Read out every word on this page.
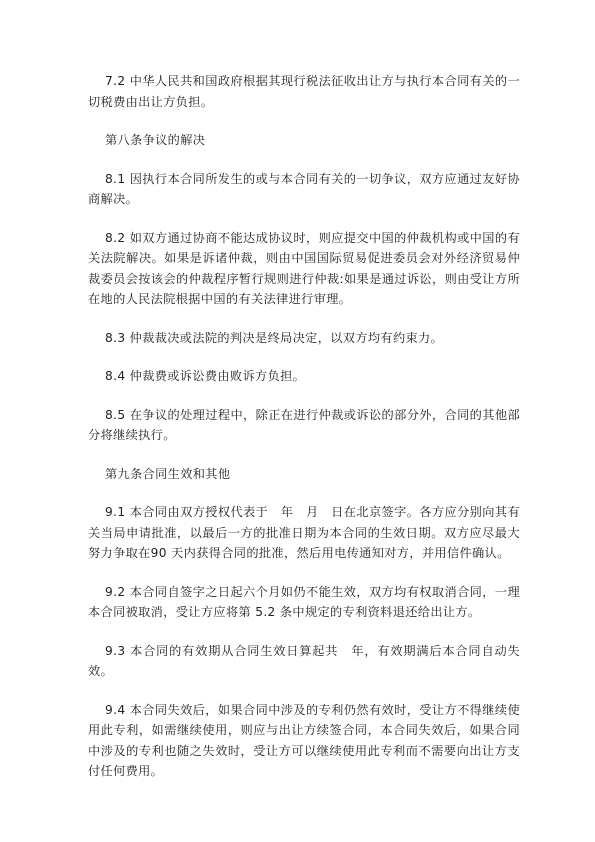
7.2 中华人民共和国政府根据其现行税法征收出让方与执行本合同有关的一切税费由出让方负担。

第八条争议的解决

8.1 因执行本合同所发生的或与本合同有关的一切争议，双方应通过友好协商解决。

8.2 如双方通过协商不能达成协议时，则应提交中国的仲裁机构或中国的有关法院解决。如果是诉诸仲裁，则由中国国际贸易促进委员会对外经济贸易仲裁委员会按该会的仲裁程序暂行规则进行仲裁:如果是通过诉讼，则由受让方所在地的人民法院根据中国的有关法律进行审理。

8.3 仲裁裁决或法院的判决是终局决定，以双方均有约束力。

8.4 仲裁费或诉讼费由败诉方负担。

8.5 在争议的处理过程中，除正在进行仲裁或诉讼的部分外，合同的其他部分将继续执行。

第九条合同生效和其他

9.1 本合同由双方授权代表于　年　月　日在北京签字。各方应分别向其有关当局申请批准，以最后一方的批准日期为本合同的生效日期。双方应尽最大努力争取在90 天内获得合同的批准，然后用电传通知对方，并用信件确认。

9.2 本合同自签字之日起六个月如仍不能生效，双方均有权取消合同，一理本合同被取消，受让方应将第 5.2 条中规定的专利资料退还给出让方。

9.3 本合同的有效期从合同生效日算起共　年，有效期满后本合同自动失效。

9.4 本合同失效后，如果合同中涉及的专利仍然有效时，受让方不得继续使用此专利，如需继续使用，则应与出让方续签合同，本合同失效后，如果合同中涉及的专利也随之失效时，受让方可以继续使用此专利而不需要向出让方支付任何费用。
